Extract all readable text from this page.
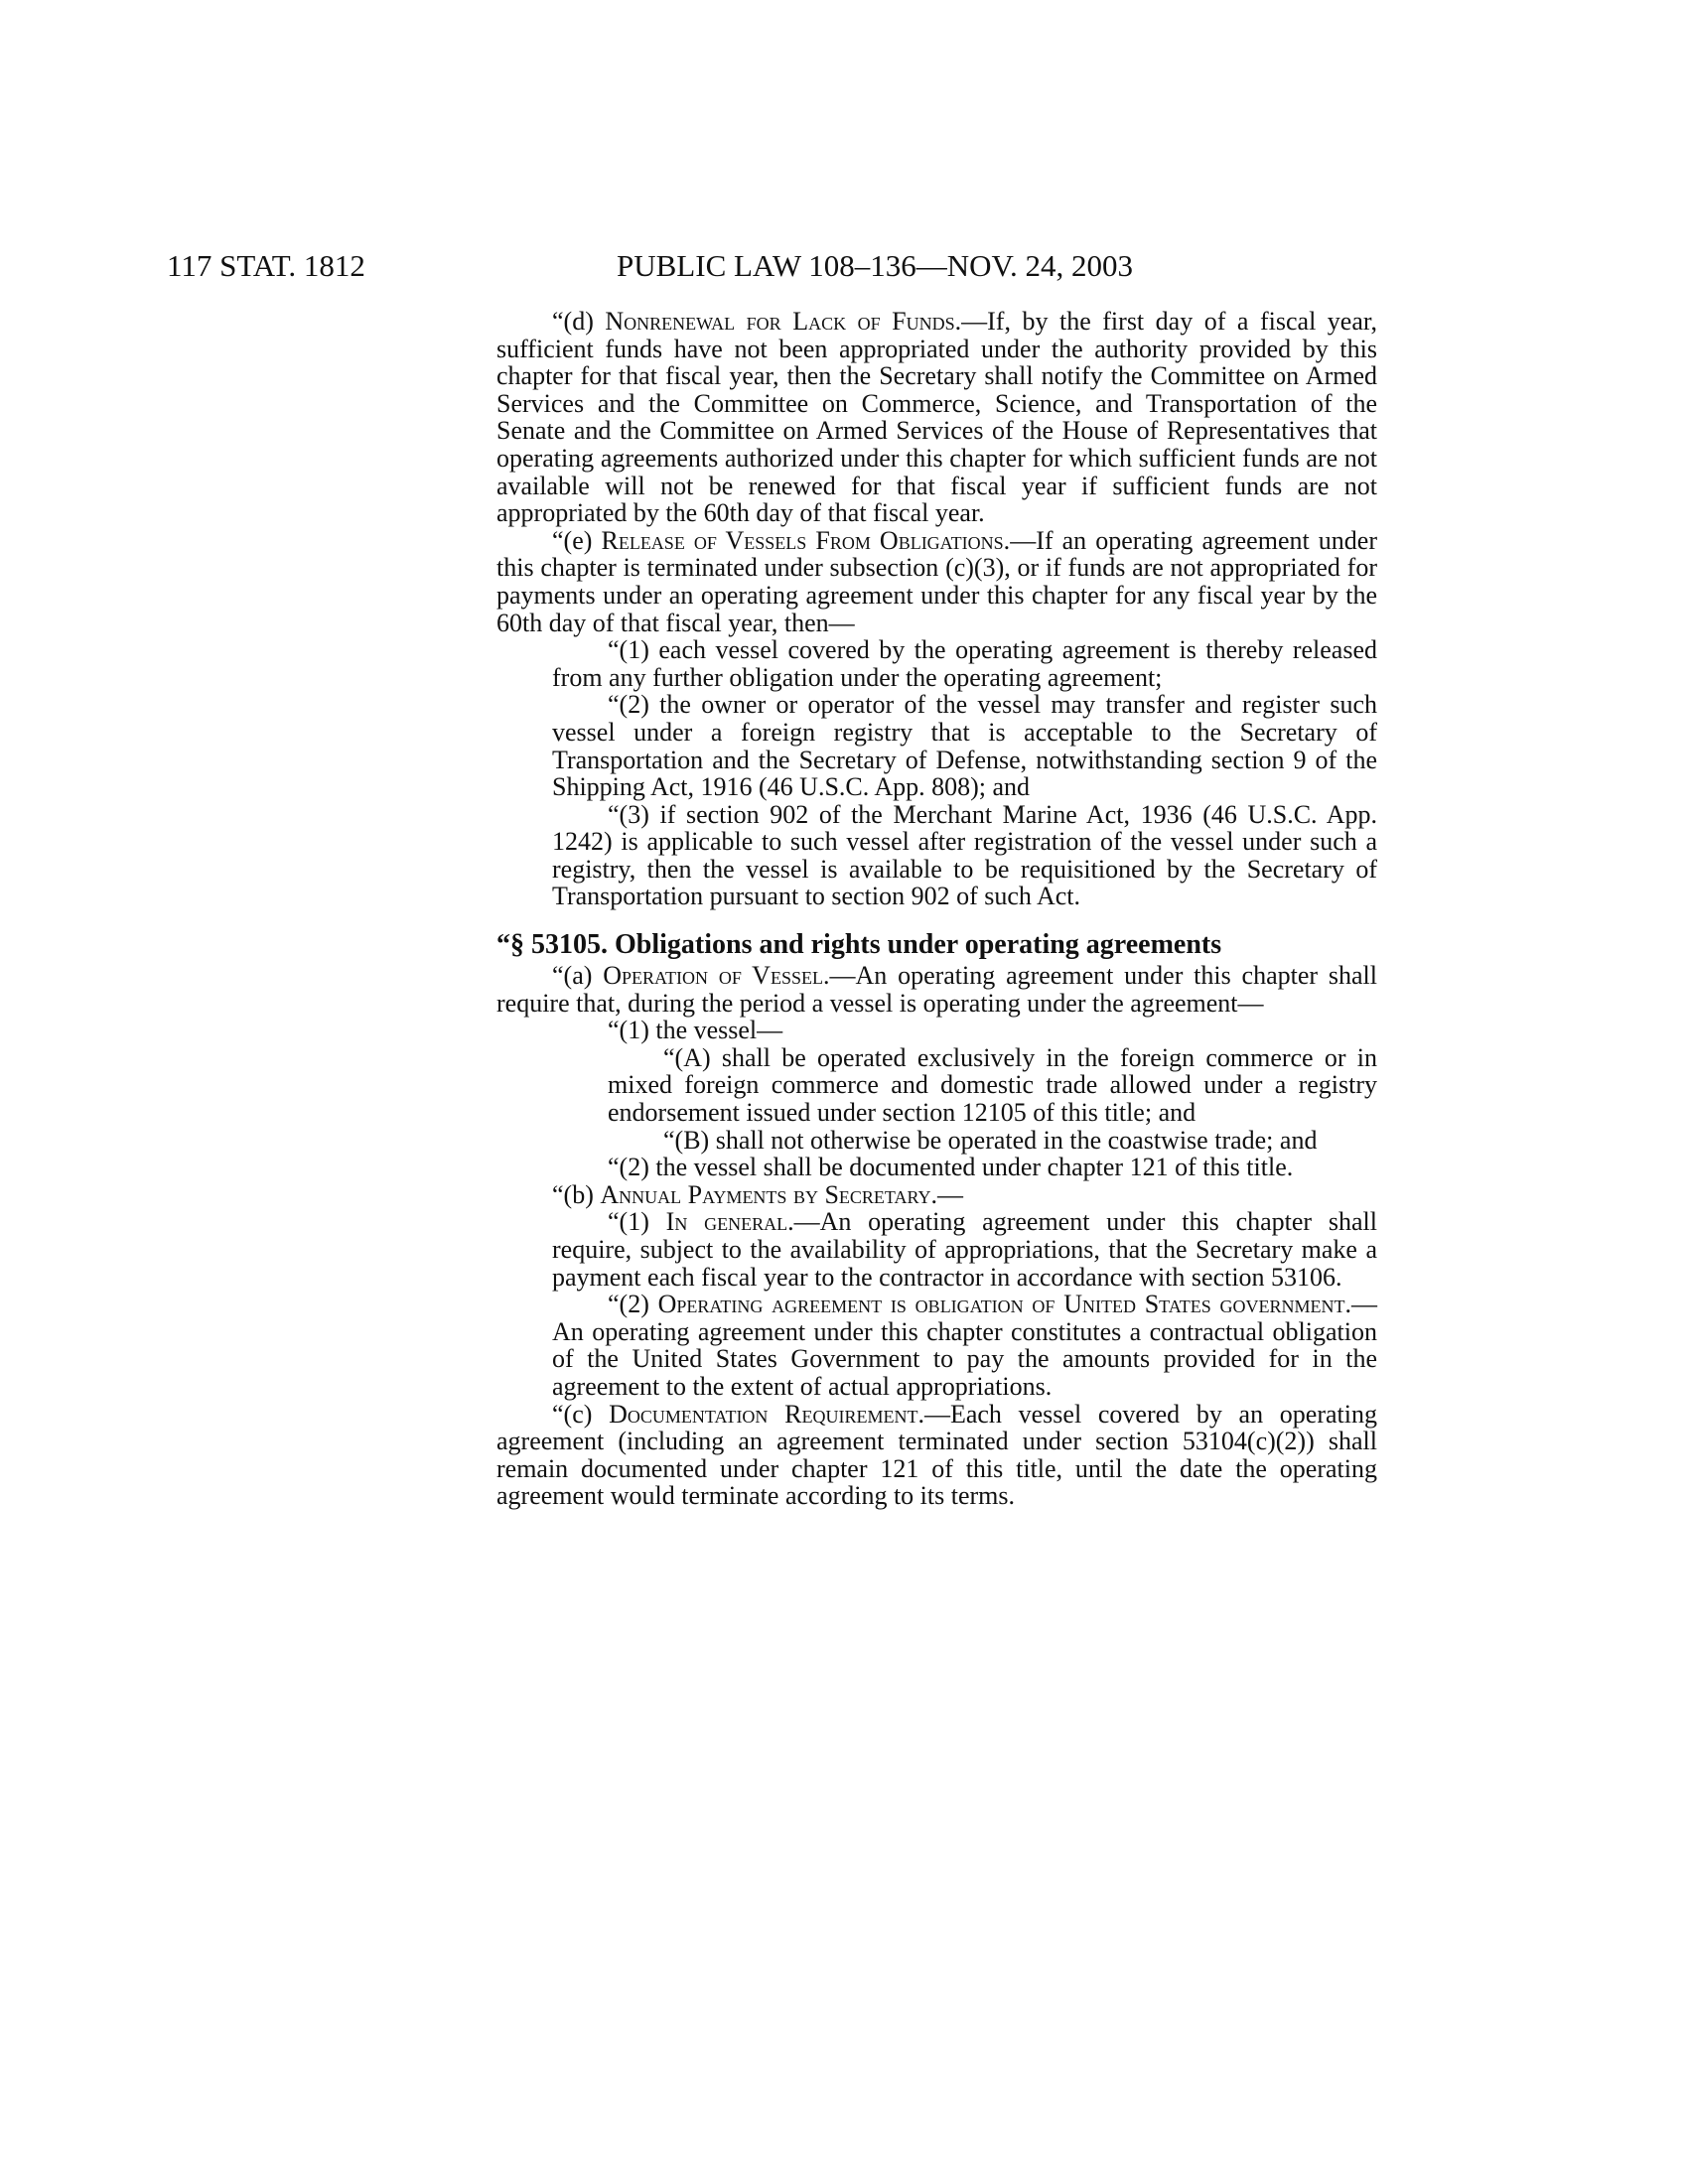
117 STAT. 1812	PUBLIC LAW 108–136—NOV. 24, 2003

“(d) Nonrenewal for Lack of Funds.—If, by the first day of a fiscal year, sufficient funds have not been appropriated under the authority provided by this chapter for that fiscal year, then the Secretary shall notify the Committee on Armed Services and the Committee on Commerce, Science, and Transportation of the Senate and the Committee on Armed Services of the House of Representatives that operating agreements authorized under this chapter for which sufficient funds are not available will not be renewed for that fiscal year if sufficient funds are not appropriated by the 60th day of that fiscal year.

“(e) Release of Vessels From Obligations.—If an operating agreement under this chapter is terminated under subsection (c)(3), or if funds are not appropriated for payments under an operating agreement under this chapter for any fiscal year by the 60th day of that fiscal year, then—

“(1) each vessel covered by the operating agreement is thereby released from any further obligation under the operating agreement;

“(2) the owner or operator of the vessel may transfer and register such vessel under a foreign registry that is acceptable to the Secretary of Transportation and the Secretary of Defense, notwithstanding section 9 of the Shipping Act, 1916 (46 U.S.C. App. 808); and

“(3) if section 902 of the Merchant Marine Act, 1936 (46 U.S.C. App. 1242) is applicable to such vessel after registration of the vessel under such a registry, then the vessel is available to be requisitioned by the Secretary of Transportation pursuant to section 902 of such Act.

“§ 53105. Obligations and rights under operating agreements

“(a) Operation of Vessel.—An operating agreement under this chapter shall require that, during the period a vessel is operating under the agreement—

“(1) the vessel—

“(A) shall be operated exclusively in the foreign commerce or in mixed foreign commerce and domestic trade allowed under a registry endorsement issued under section 12105 of this title; and

“(B) shall not otherwise be operated in the coastwise trade; and

“(2) the vessel shall be documented under chapter 121 of this title.

“(b) Annual Payments by Secretary.—

“(1) In general.—An operating agreement under this chapter shall require, subject to the availability of appropriations, that the Secretary make a payment each fiscal year to the contractor in accordance with section 53106.

“(2) Operating agreement is obligation of United States government.—An operating agreement under this chapter constitutes a contractual obligation of the United States Government to pay the amounts provided for in the agreement to the extent of actual appropriations.

“(c) Documentation Requirement.—Each vessel covered by an operating agreement (including an agreement terminated under section 53104(c)(2)) shall remain documented under chapter 121 of this title, until the date the operating agreement would terminate according to its terms.
